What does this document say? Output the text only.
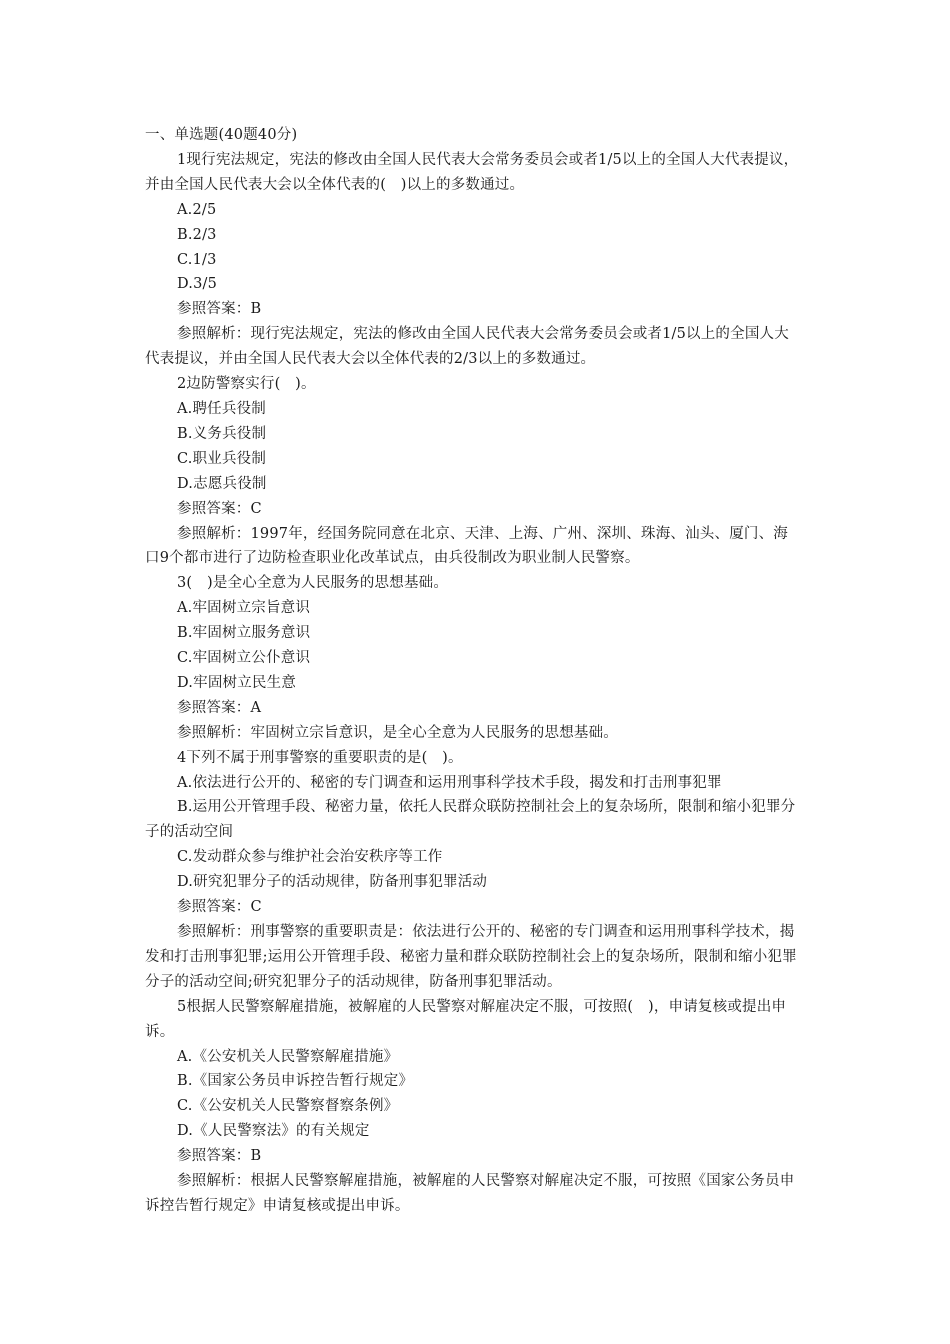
一、单选题(40题40分)

1现行宪法规定，宪法的修改由全国人民代表大会常务委员会或者1/5以上的全国人大代表提议，并由全国人民代表大会以全体代表的(　)以上的多数通过。

A.2/5

B.2/3

C.1/3

D.3/5

参照答案：B

参照解析：现行宪法规定，宪法的修改由全国人民代表大会常务委员会或者1/5以上的全国人大代表提议，并由全国人民代表大会以全体代表的2/3以上的多数通过。

2边防警察实行(　)。

A.聘任兵役制

B.义务兵役制

C.职业兵役制

D.志愿兵役制

参照答案：C

参照解析：1997年，经国务院同意在北京、天津、上海、广州、深圳、珠海、汕头、厦门、海口9个都市进行了边防检查职业化改革试点，由兵役制改为职业制人民警察。

3(　)是全心全意为人民服务的思想基础。

A.牢固树立宗旨意识

B.牢固树立服务意识

C.牢固树立公仆意识

D.牢固树立民生意

参照答案：A

参照解析：牢固树立宗旨意识，是全心全意为人民服务的思想基础。

4下列不属于刑事警察的重要职责的是(　)。

A.依法进行公开的、秘密的专门调查和运用刑事科学技术手段，揭发和打击刑事犯罪

B.运用公开管理手段、秘密力量，依托人民群众联防控制社会上的复杂场所，限制和缩小犯罪分子的活动空间

C.发动群众参与维护社会治安秩序等工作

D.研究犯罪分子的活动规律，防备刑事犯罪活动

参照答案：C

参照解析：刑事警察的重要职责是：依法进行公开的、秘密的专门调查和运用刑事科学技术，揭发和打击刑事犯罪;运用公开管理手段、秘密力量和群众联防控制社会上的复杂场所，限制和缩小犯罪分子的活动空间;研究犯罪分子的活动规律，防备刑事犯罪活动。

5根据人民警察解雇措施，被解雇的人民警察对解雇决定不服，可按照(　)，申请复核或提出申诉。

A.《公安机关人民警察解雇措施》

B.《国家公务员申诉控告暂行规定》

C.《公安机关人民警察督察条例》

D.《人民警察法》的有关规定

参照答案：B

参照解析：根据人民警察解雇措施，被解雇的人民警察对解雇决定不服，可按照《国家公务员申诉控告暂行规定》申请复核或提出申诉。
